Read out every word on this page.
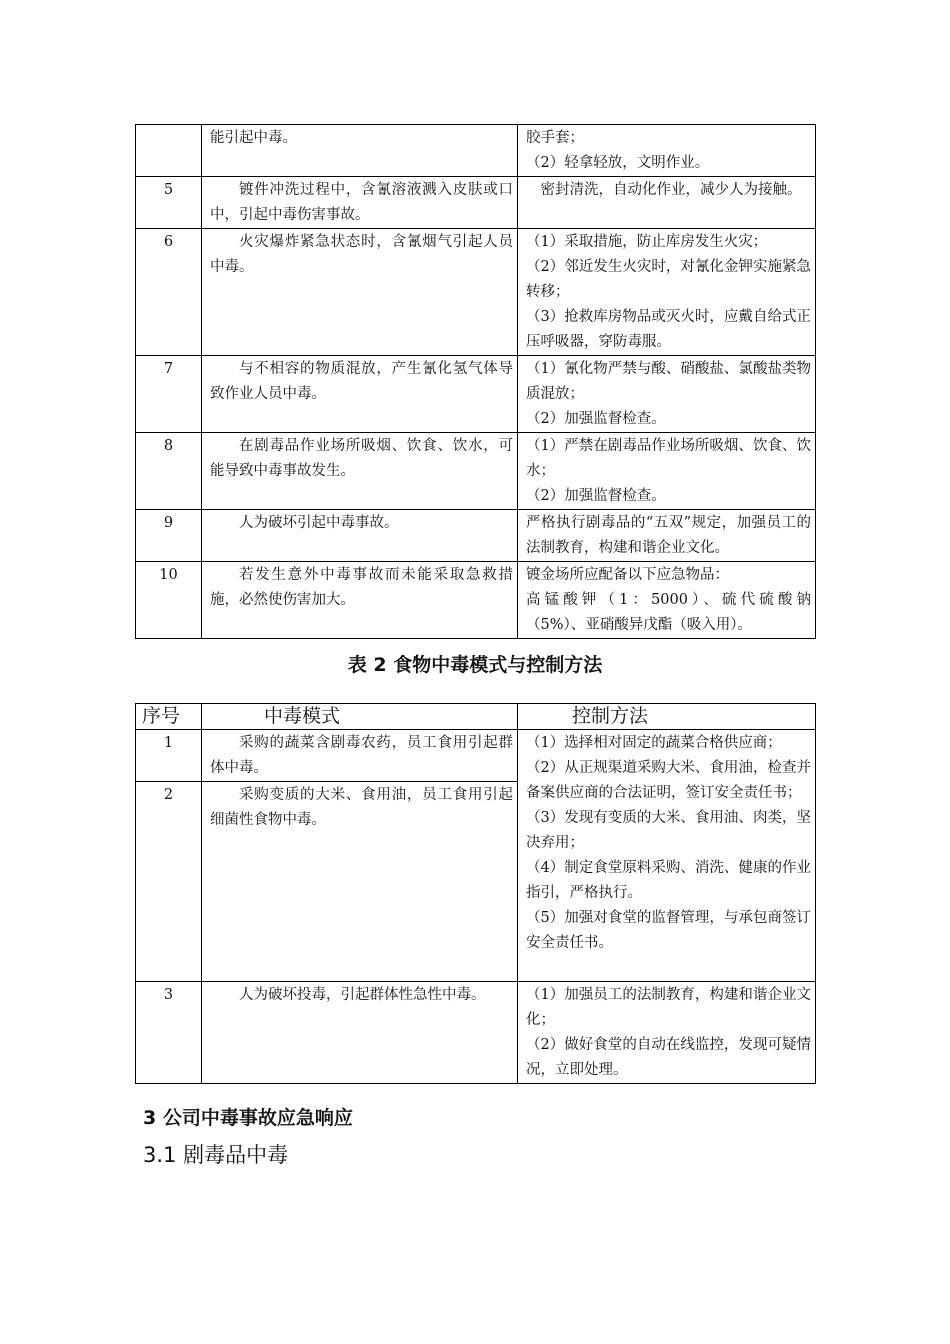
	能引起中毒。	胶手套；

（2）轻拿轻放，文明作业。

5	镀件冲洗过程中，含氰溶液溅入皮肤或口中，引起中毒伤害事故。	密封清洗，自动化作业，减少人为接触。

6	火灾爆炸紧急状态时，含氰烟气引起人员中毒。	（1）采取措施，防止库房发生火灾；

（2）邻近发生火灾时，对氰化金钾实施紧急转移；

（3）抢救库房物品或灭火时，应戴自给式正压呼吸器，穿防毒服。

7	与不相容的物质混放，产生氰化氢气体导致作业人员中毒。	（1）氰化物严禁与酸、硝酸盐、氯酸盐类物质混放；

（2）加强监督检查。

8	在剧毒品作业场所吸烟、饮食、饮水，可能导致中毒事故发生。	（1）严禁在剧毒品作业场所吸烟、饮食、饮水；

（2）加强监督检查。

9	人为破坏引起中毒事故。	严格执行剧毒品的“五双”规定，加强员工的法制教育，构建和谐企业文化。

10	若发生意外中毒事故而未能采取急救措施，必然使伤害加大。	镀金场所应配备以下应急物品：

高锰酸钾（1：5000）、硫代硫酸钠（5%）、亚硝酸异戊酯（吸入用）。

表 2 食物中毒模式与控制方法
序号	中毒模式	控制方法
1	采购的蔬菜含剧毒农药，员工食用引起群体中毒。	（1）选择相对固定的蔬菜合格供应商；

（2）从正规渠道采购大米、食用油，检查并备案供应商的合法证明，签订安全责任书；

（3）发现有变质的大米、食用油、肉类，坚决弃用；

（4）制定食堂原料采购、消洗、健康的作业指引，严格执行。

（5）加强对食堂的监督管理，与承包商签订安全责任书。

2	采购变质的大米、食用油，员工食用引起细菌性食物中毒。	
3	人为破坏投毒，引起群体性急性中毒。	（1）加强员工的法制教育，构建和谐企业文化；

（2）做好食堂的自动在线监控，发现可疑情况，立即处理。

3 公司中毒事故应急响应
3.1 剧毒品中毒
